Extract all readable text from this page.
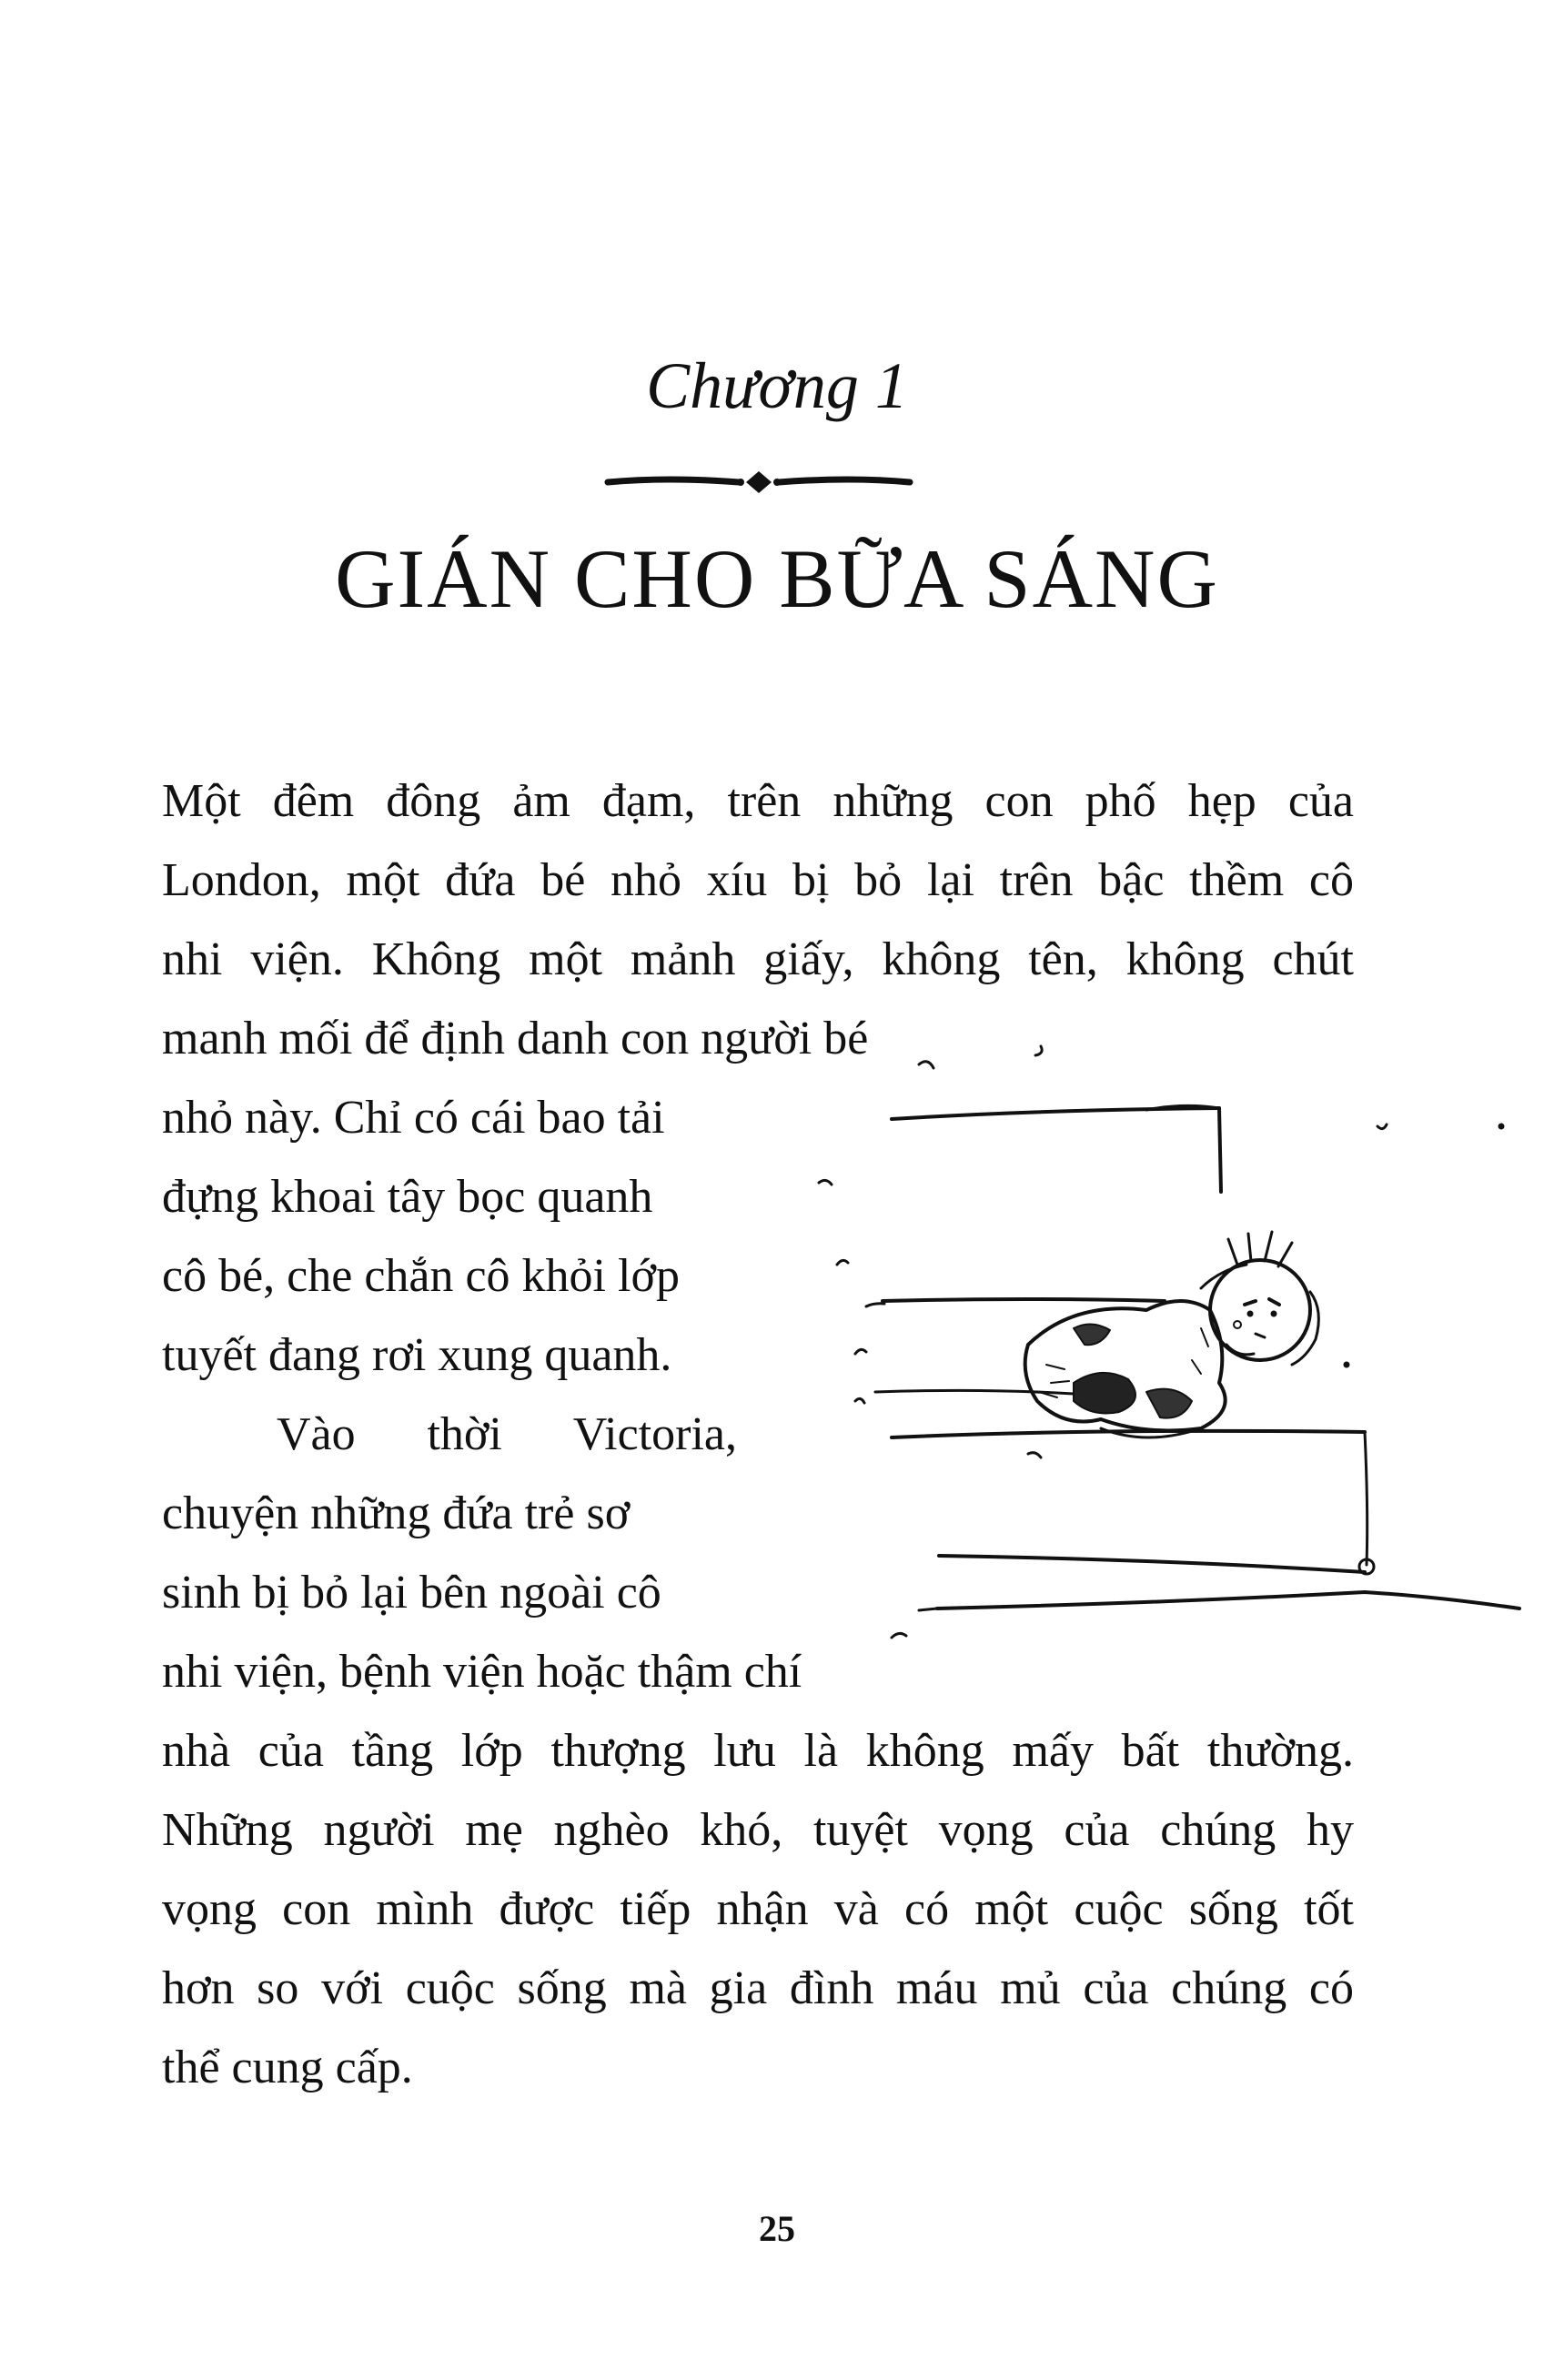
Chương 1
GIÁN CHO BỮA SÁNG
Một đêm đông ảm đạm, trên những con phố hẹp của
London, một đứa bé nhỏ xíu bị bỏ lại trên bậc thềm cô
nhi viện. Không một mảnh giấy, không tên, không chút
manh mối để định danh con người bé
nhỏ này. Chỉ có cái bao tải
đựng khoai tây bọc quanh
cô bé, che chắn cô khỏi lớp
tuyết đang rơi xung quanh.
Vào thời Victoria,
chuyện những đứa trẻ sơ
sinh bị bỏ lại bên ngoài cô
nhi viện, bệnh viện hoặc thậm chí
nhà của tầng lớp thượng lưu là không mấy bất thường.
Những người mẹ nghèo khó, tuyệt vọng của chúng hy
vọng con mình được tiếp nhận và có một cuộc sống tốt
hơn so với cuộc sống mà gia đình máu mủ của chúng có
thể cung cấp.
25
